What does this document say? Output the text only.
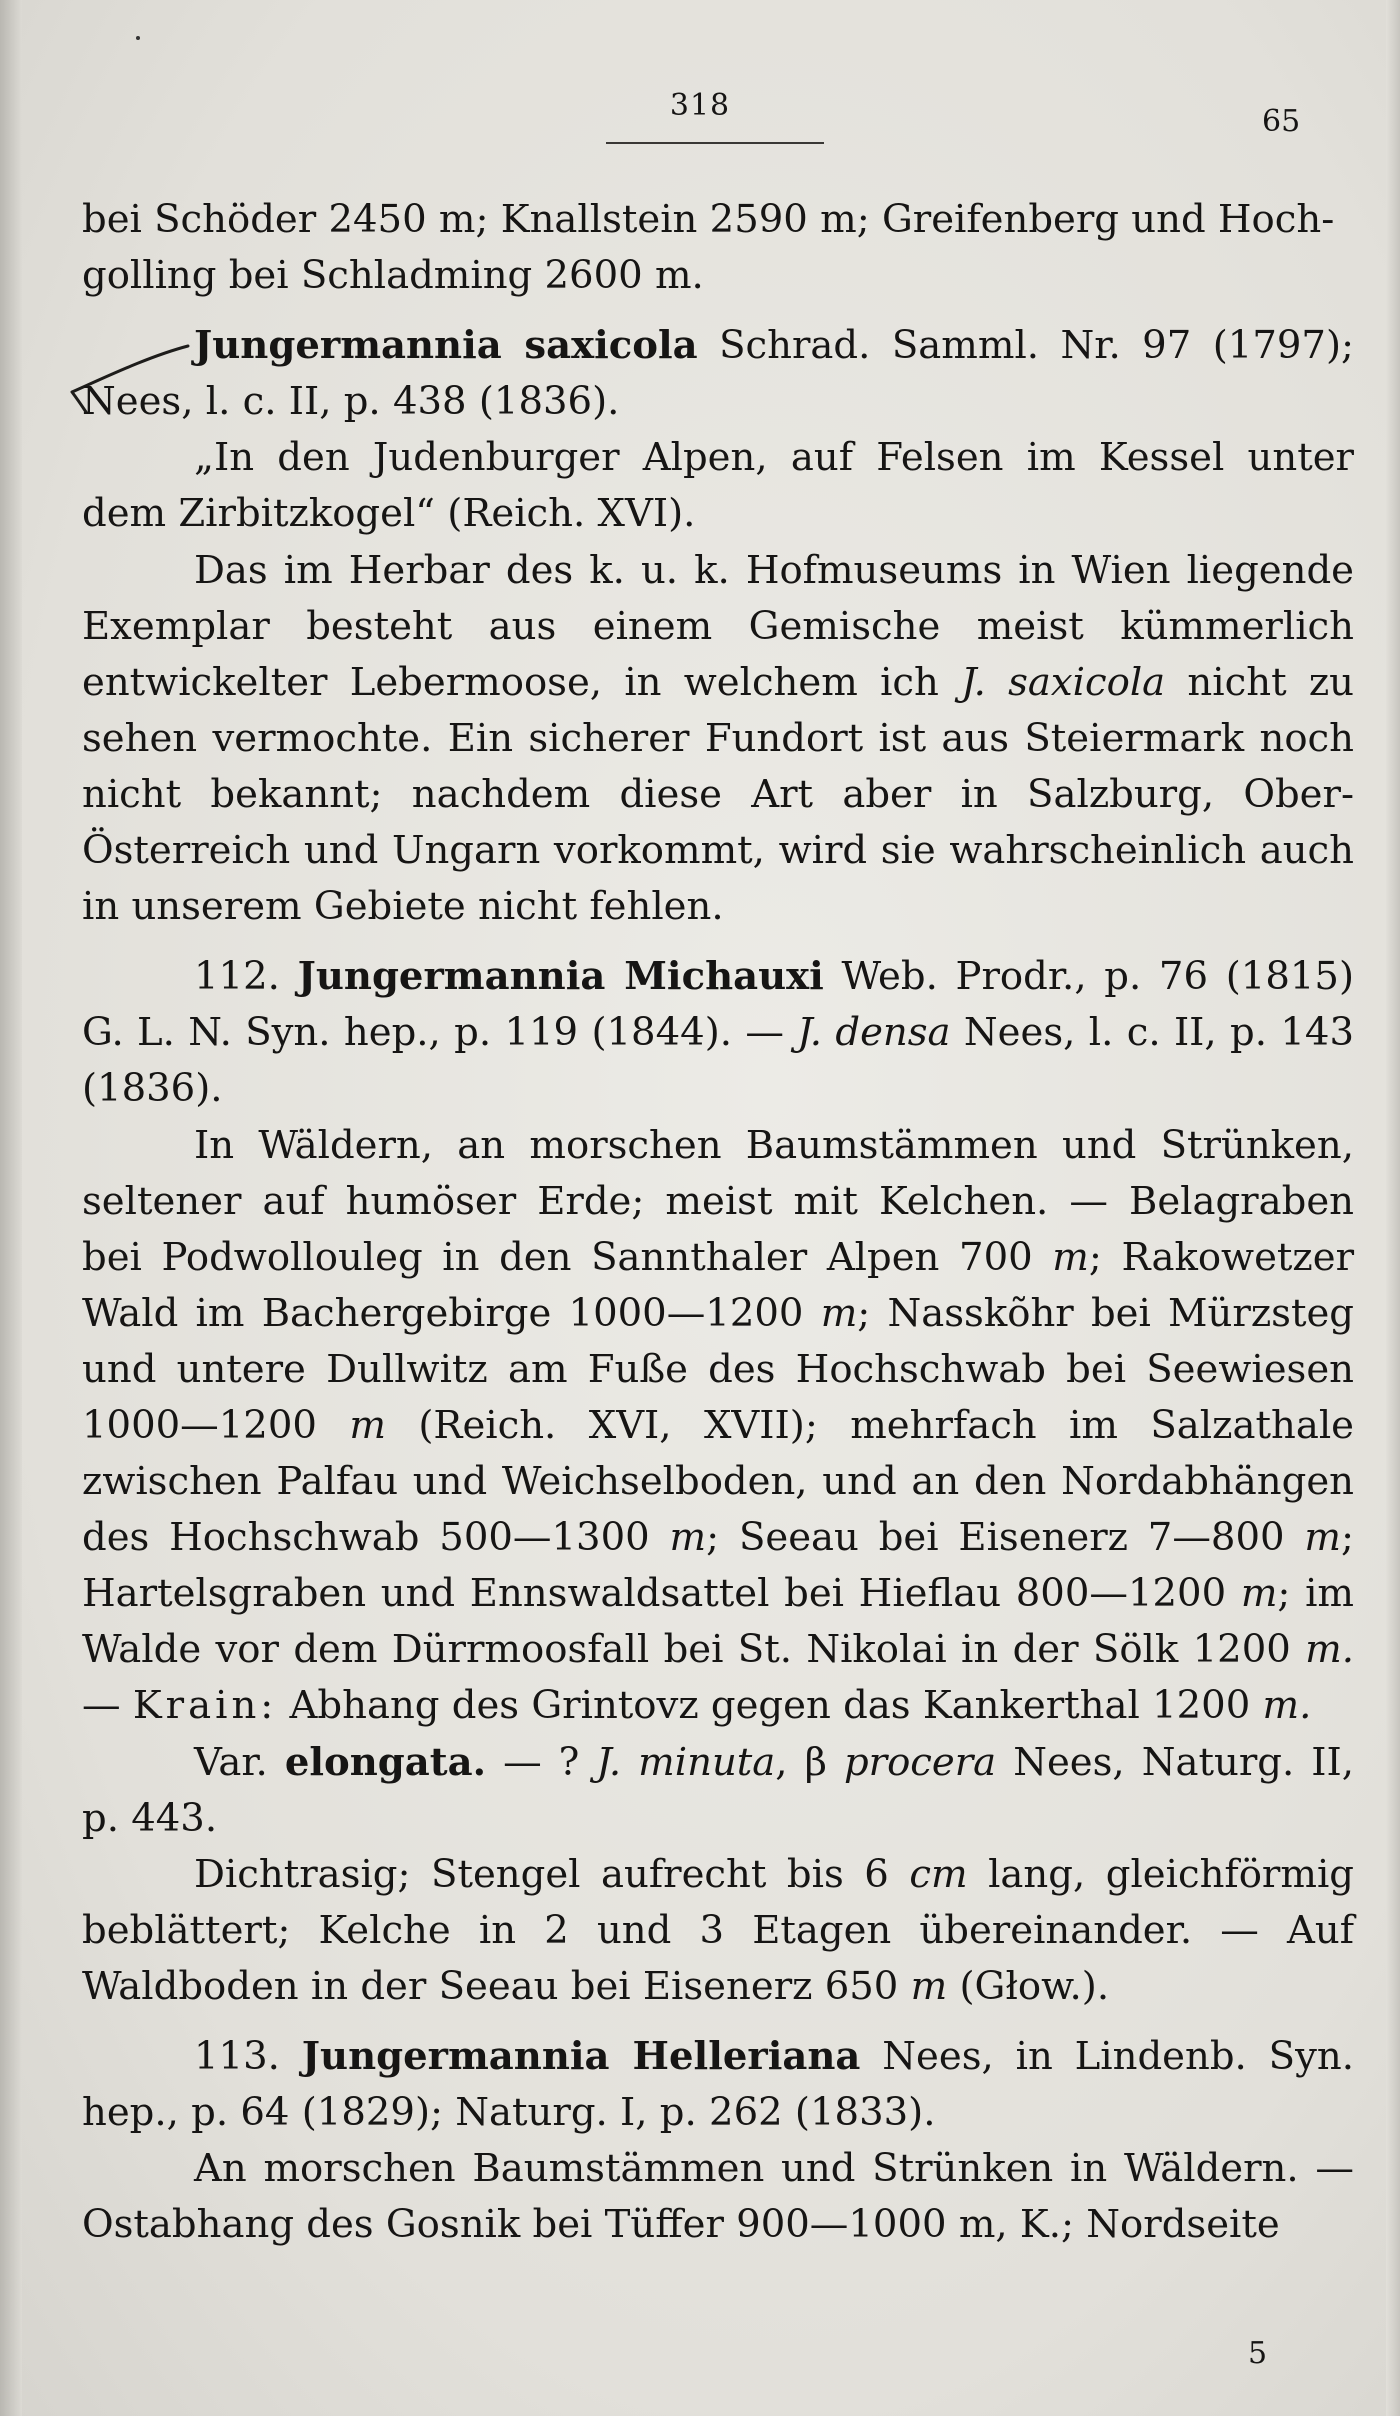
318	65

bei Schöder 2450 m; Knallstein 2590 m; Greifenberg und Hoch-
golling bei Schladming 2600 m.

Jungermannia saxicola Schrad. Samml. Nr. 97 (1797); Nees, l. c. II, p. 438 (1836).

„In den Judenburger Alpen, auf Felsen im Kessel unter dem Zirbitzkogel“ (Reich. XVI).

Das im Herbar des k. u. k. Hofmuseums in Wien liegende Exemplar besteht aus einem Gemische meist kümmerlich entwickelter Lebermoose, in welchem ich J. saxicola nicht zu sehen vermochte. Ein sicherer Fundort ist aus Steiermark noch nicht bekannt; nachdem diese Art aber in Salzburg, Ober-Österreich und Ungarn vorkommt, wird sie wahrscheinlich auch in unserem Gebiete nicht fehlen.

112. Jungermannia Michauxi Web. Prodr., p. 76 (1815) G. L. N. Syn. hep., p. 119 (1844). — J. densa Nees, l. c. II, p. 143 (1836).

In Wäldern, an morschen Baumstämmen und Strünken, seltener auf humöser Erde; meist mit Kelchen. — Belagraben bei Podwollouleg in den Sannthaler Alpen 700 m; Rakowetzer Wald im Bachergebirge 1000—1200 m; Nasskõhr bei Mürzsteg und untere Dullwitz am Fuße des Hochschwab bei Seewiesen 1000—1200 m (Reich. XVI, XVII); mehrfach im Salzathale zwischen Palfau und Weichselboden, und an den Nordabhängen des Hochschwab 500—1300 m; Seeau bei Eisenerz 7—800 m; Hartelsgraben und Ennswaldsattel bei Hieflau 800—1200 m; im Walde vor dem Dürrmoosfall bei St. Nikolai in der Sölk 1200 m. — Krain: Abhang des Grintovz gegen das Kankerthal 1200 m.

Var. elongata. — ? J. minuta, β procera Nees, Naturg. II, p. 443.

Dichtrasig; Stengel aufrecht bis 6 cm lang, gleichförmig beblättert; Kelche in 2 und 3 Etagen übereinander. — Auf Waldboden in der Seeau bei Eisenerz 650 m (Głow.).

113. Jungermannia Helleriana Nees, in Lindenb. Syn. hep., p. 64 (1829); Naturg. I, p. 262 (1833).

An morschen Baumstämmen und Strünken in Wäldern. — Ostabhang des Gosnik bei Tüffer 900—1000 m, K.; Nordseite

5
